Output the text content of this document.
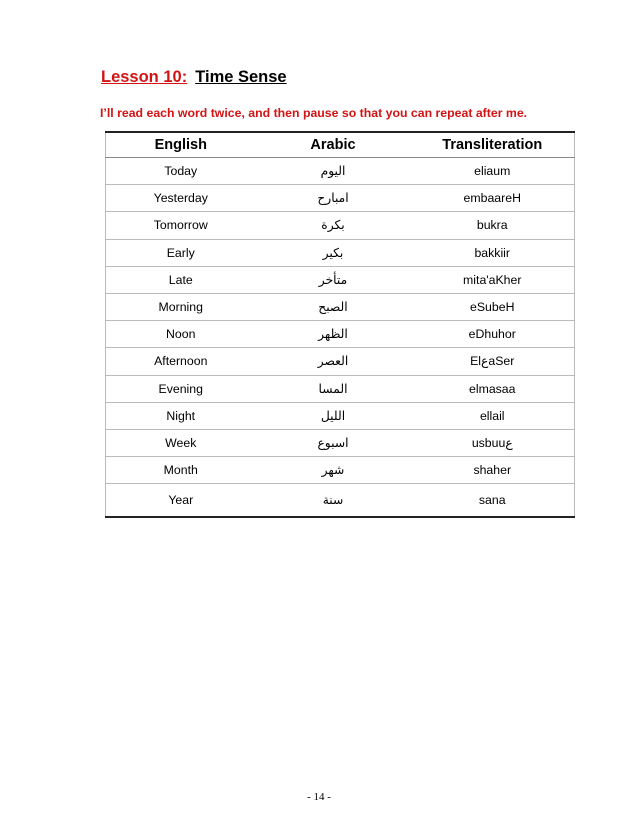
Lesson 10: Time Sense
I’ll read each word twice, and then pause so that you can repeat after me.
English	Arabic	Transliteration
Today	اليوم	eliaum
Yesterday	امبارح	embaareH
Tomorrow	بكرة	bukra
Early	بكير	bakkiir
Late	متأخر	mita'aKher
Morning	الصبح	eSubeH
Noon	الظهر	eDhuhor
Afternoon	العصر	ElعaSer
Evening	المسا	elmasaa
Night	الليل	ellail
Week	اسبوع	usbuuع
Month	شهر	shaher
Year	سنة	sana
- 14 -
